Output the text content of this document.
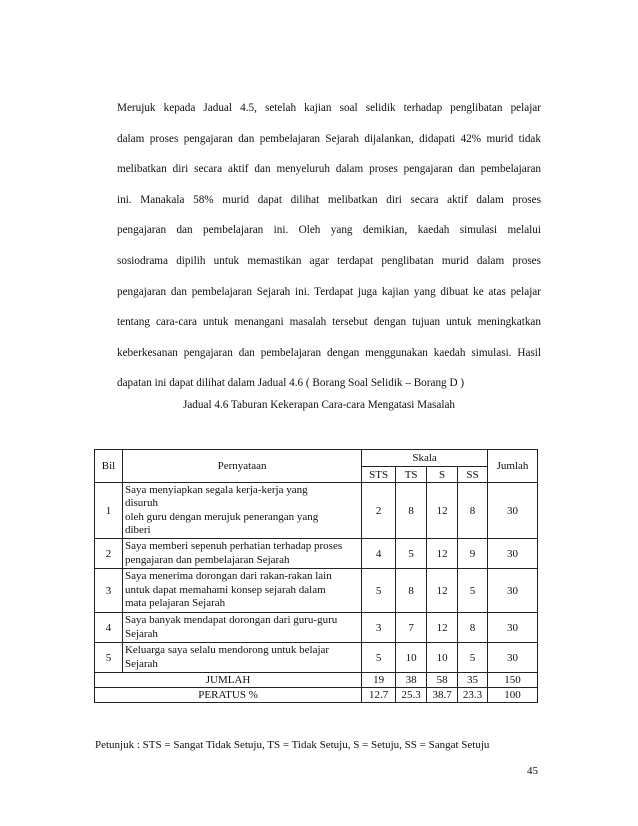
Merujuk kepada Jadual 4.5, setelah kajian soal selidik terhadap penglibatan pelajar
dalam proses pengajaran dan pembelajaran Sejarah dijalankan, didapati 42% murid tidak
melibatkan diri secara aktif dan menyeluruh dalam proses pengajaran dan pembelajaran
ini. Manakala 58% murid dapat dilihat melibatkan diri secara aktif dalam proses
pengajaran dan pembelajaran ini. Oleh yang demikian, kaedah simulasi melalui
sosiodrama dipilih untuk memastikan agar terdapat penglibatan murid dalam proses
pengajaran dan pembelajaran Sejarah ini. Terdapat juga kajian yang dibuat ke atas pelajar
tentang cara-cara untuk menangani masalah tersebut dengan tujuan untuk meningkatkan
keberkesanan pengajaran dan pembelajaran dengan menggunakan kaedah simulasi. Hasil
dapatan ini dapat dilihat dalam Jadual 4.6 ( Borang Soal Selidik – Borang D )

Jadual 4.6 Taburan Kekerapan Cara-cara Mengatasi Masalah

Bil	Pernyataan	Skala				Jumlah
		STS	TS	S	SS	
1	Saya menyiapkan segala kerja-kerja yang
disuruh
oleh guru dengan merujuk penerangan yang
diberi	2	8	12	8	30
2	Saya memberi sepenuh perhatian terhadap proses
pengajaran dan pembelajaran Sejarah	4	5	12	9	30
3	Saya menerima dorongan dari rakan-rakan lain
untuk dapat memahami konsep sejarah dalam
mata pelajaran Sejarah	5	8	12	5	30
4	Saya banyak mendapat dorongan dari guru-guru
Sejarah	3	7	12	8	30
5	Keluarga saya selalu mendorong untuk belajar
Sejarah	5	10	10	5	30
JUMLAH		19	38	58	35	150
PERATUS %		12.7	25.3	38.7	23.3	100

Petunjuk : STS = Sangat Tidak Setuju, TS = Tidak Setuju, S = Setuju, SS = Sangat Setuju

45
